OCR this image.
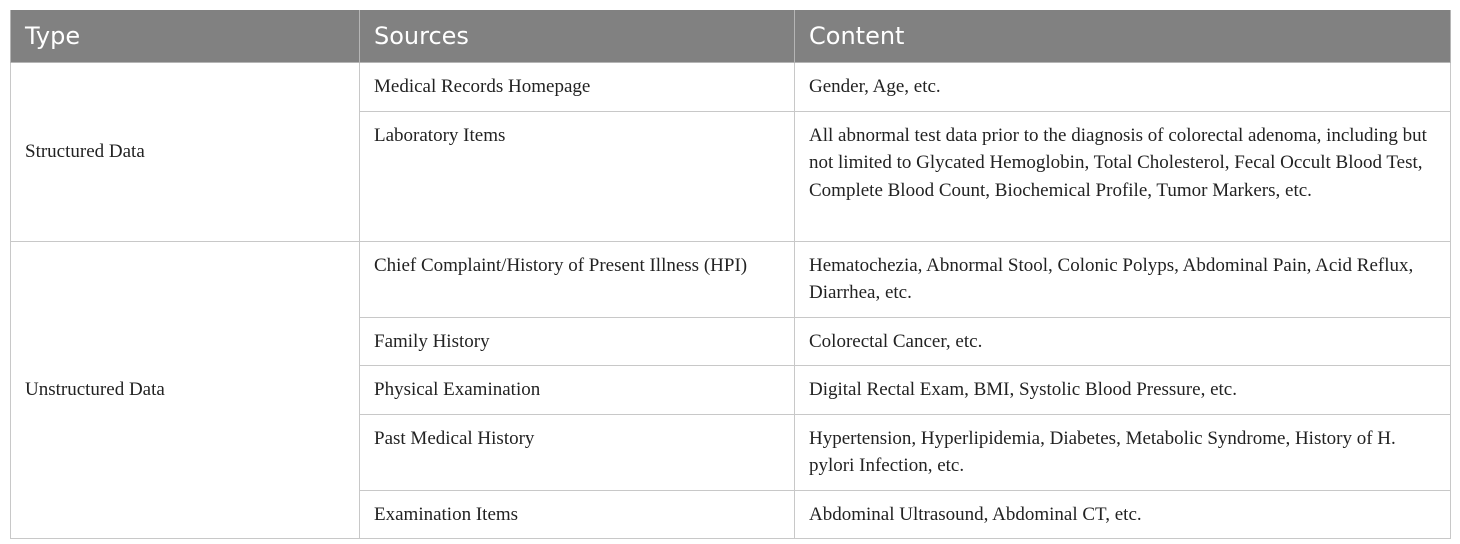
Type	Sources	Content
Structured Data	Medical Records Homepage	Gender, Age, etc.
	Laboratory Items	All abnormal test data prior to the diagnosis of colorectal adenoma, including but not limited to Glycated Hemoglobin, Total Cholesterol, Fecal Occult Blood Test, Complete Blood Count, Biochemical Profile, Tumor Markers, etc.
Unstructured Data	Chief Complaint/History of Present Illness (HPI)	Hematochezia, Abnormal Stool, Colonic Polyps, Abdominal Pain, Acid Reflux, Diarrhea, etc.
	Family History	Colorectal Cancer, etc.
	Physical Examination	Digital Rectal Exam, BMI, Systolic Blood Pressure, etc.
	Past Medical History	Hypertension, Hyperlipidemia, Diabetes, Metabolic Syndrome, History of H. pylori Infection, etc.
	Examination Items	Abdominal Ultrasound, Abdominal CT, etc.
